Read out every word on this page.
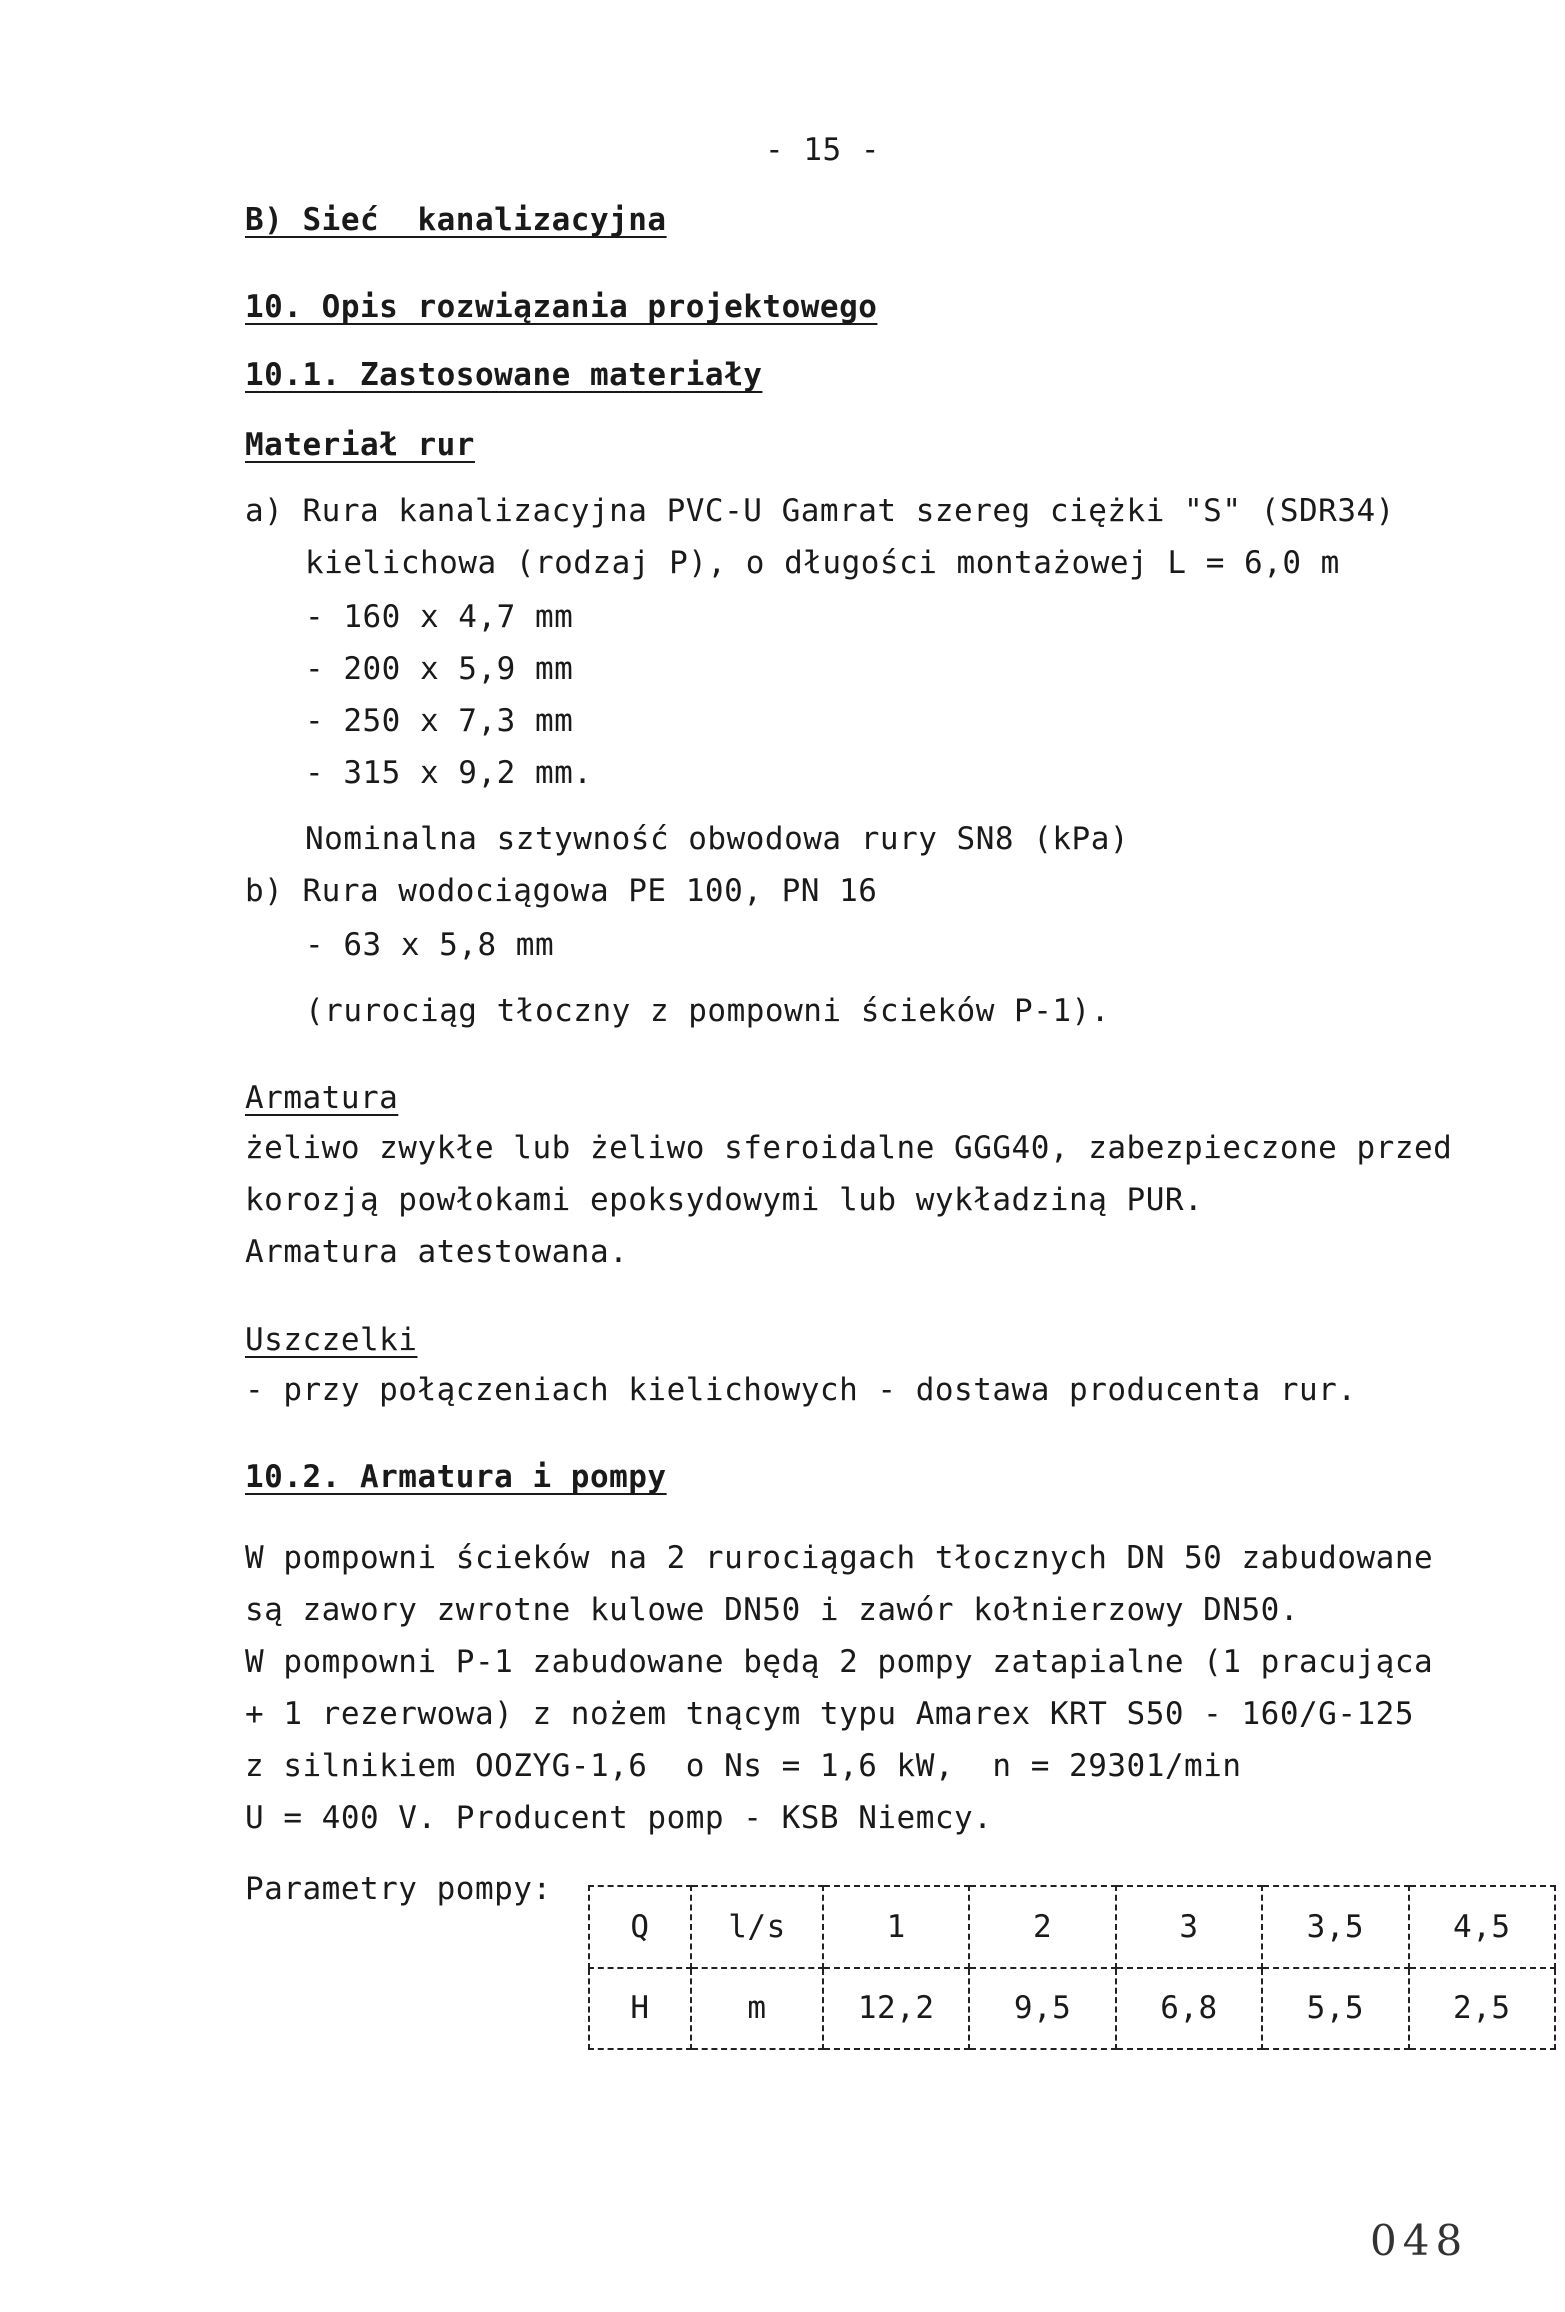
- 15 -
B) Sieć  kanalizacyjna
10. Opis rozwiązania projektowego
10.1. Zastosowane materiały
Materiał rur
a) Rura kanalizacyjna PVC-U Gamrat szereg ciężki "S" (SDR34)
kielichowa (rodzaj P), o długości montażowej L = 6,0 m
- 160 x 4,7 mm
- 200 x 5,9 mm
- 250 x 7,3 mm
- 315 x 9,2 mm.
Nominalna sztywność obwodowa rury SN8 (kPa)
b) Rura wodociągowa PE 100, PN 16
- 63 x 5,8 mm
(rurociąg tłoczny z pompowni ścieków P-1).
Armatura
żeliwo zwykłe lub żeliwo sferoidalne GGG40, zabezpieczone przed
korozją powłokami epoksydowymi lub wykładziną PUR.
Armatura atestowana.
Uszczelki
- przy połączeniach kielichowych - dostawa producenta rur.
10.2. Armatura i pompy
W pompowni ścieków na 2 rurociągach tłocznych DN 50 zabudowane
są zawory zwrotne kulowe DN50 i zawór kołnierzowy DN50.
W pompowni P-1 zabudowane będą 2 pompy zatapialne (1 pracująca
+ 1 rezerwowa) z nożem tnącym typu Amarex KRT S50 - 160/G-125
z silnikiem OOZYG-1,6  o Ns = 1,6 kW,  n = 29301/min
U = 400 V. Producent pomp - KSB Niemcy.
Parametry pompy:
Q	l/s	1	2	3	3,5	4,5
H	m	12,2	9,5	6,8	5,5	2,5
048
